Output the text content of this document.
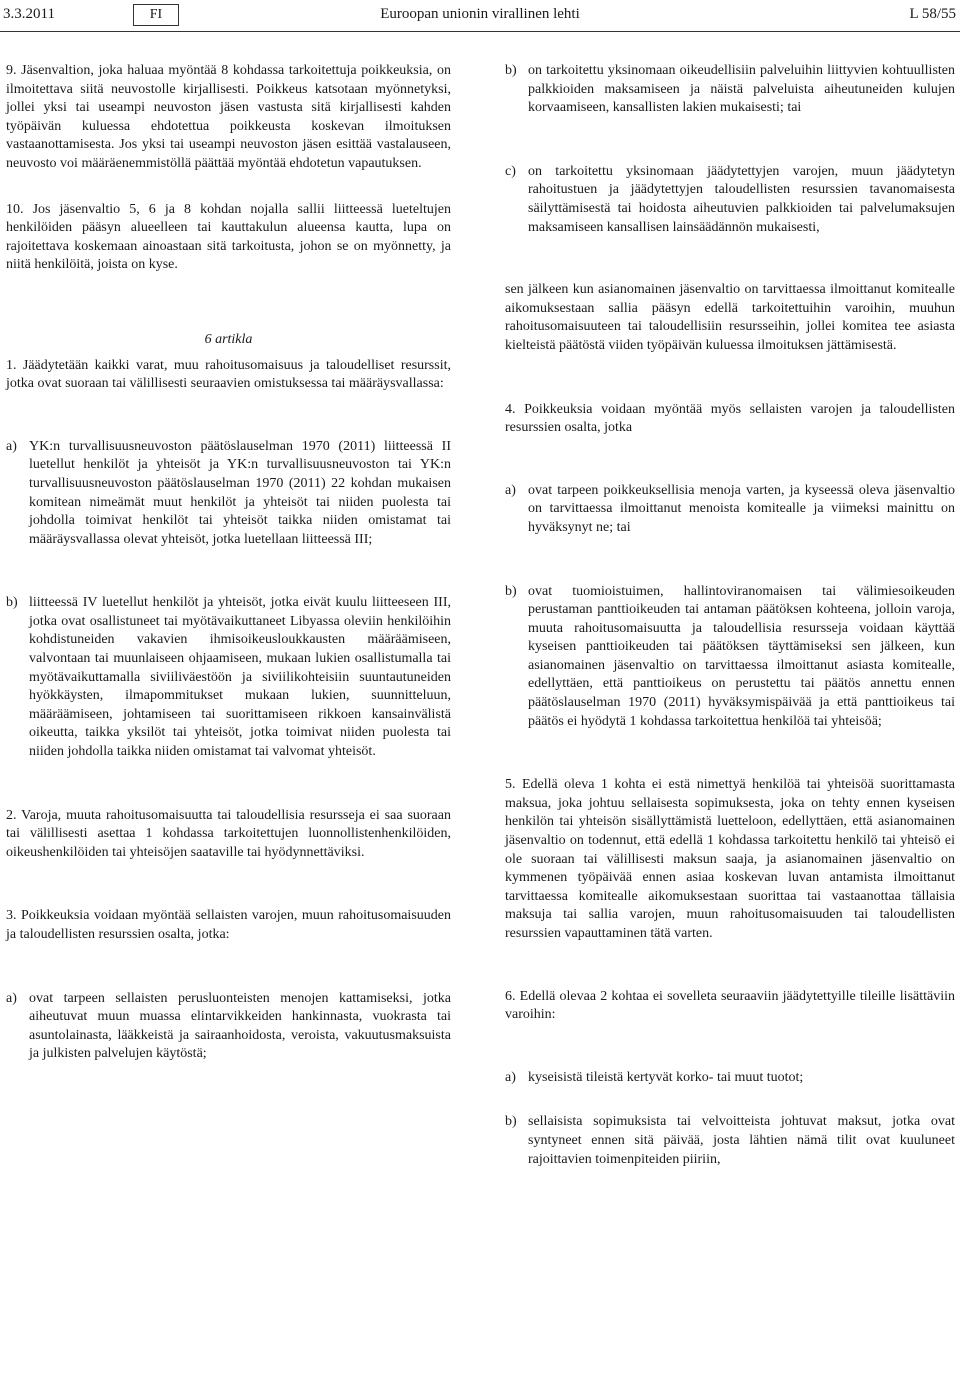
3.3.2011	FI	Euroopan unionin virallinen lehti	L 58/55

9. Jäsenvaltion, joka haluaa myöntää 8 kohdassa tarkoitettuja poikkeuksia, on ilmoitettava siitä neuvostolle kirjallisesti. Poikkeus katsotaan myönnetyksi, jollei yksi tai useampi neuvoston jäsen vastusta sitä kirjallisesti kahden työpäivän kuluessa ehdotettua poikkeusta koskevan ilmoituksen vastaanottamisesta. Jos yksi tai useampi neuvoston jäsen esittää vastalauseen, neuvosto voi määräenemmistöllä päättää myöntää ehdotetun vapautuksen.

10. Jos jäsenvaltio 5, 6 ja 8 kohdan nojalla sallii liitteessä lueteltujen henkilöiden pääsyn alueelleen tai kauttakulun alueensa kautta, lupa on rajoitettava koskemaan ainoastaan sitä tarkoitusta, johon se on myönnetty, ja niitä henkilöitä, joista on kyse.

6 artikla

1. Jäädytetään kaikki varat, muu rahoitusomaisuus ja taloudelliset resurssit, jotka ovat suoraan tai välillisesti seuraavien omistuksessa tai määräysvallassa:

a) YK:n turvallisuusneuvoston päätöslauselman 1970 (2011) liitteessä II luetellut henkilöt ja yhteisöt ja YK:n turvallisuusneuvoston tai YK:n turvallisuusneuvoston päätöslauselman 1970 (2011) 22 kohdan mukaisen komitean nimeämät muut henkilöt ja yhteisöt tai niiden puolesta tai johdolla toimivat henkilöt tai yhteisöt taikka niiden omistamat tai määräysvallassa olevat yhteisöt, jotka luetellaan liitteessä III;

b) liitteessä IV luetellut henkilöt ja yhteisöt, jotka eivät kuulu liitteeseen III, jotka ovat osallistuneet tai myötävaikuttaneet Libyassa oleviin henkilöihin kohdistuneiden vakavien ihmisoikeusloukkausten määräämiseen, valvontaan tai muunlaiseen ohjaamiseen, mukaan lukien osallistumalla tai myötävaikuttamalla siviiliväestöön ja siviilikohteisiin suuntautuneiden hyökkäysten, ilmapommitukset mukaan lukien, suunnitteluun, määräämiseen, johtamiseen tai suorittamiseen rikkoen kansainvälistä oikeutta, taikka yksilöt tai yhteisöt, jotka toimivat niiden puolesta tai niiden johdolla taikka niiden omistamat tai valvomat yhteisöt.

2. Varoja, muuta rahoitusomaisuutta tai taloudellisia resursseja ei saa suoraan tai välillisesti asettaa 1 kohdassa tarkoitettujen luonnollistenhenkilöiden, oikeushenkilöiden tai yhteisöjen saataville tai hyödynnettäviksi.

3. Poikkeuksia voidaan myöntää sellaisten varojen, muun rahoitusomaisuuden ja taloudellisten resurssien osalta, jotka:

a) ovat tarpeen sellaisten perusluonteisten menojen kattamiseksi, jotka aiheutuvat muun muassa elintarvikkeiden hankinnasta, vuokrasta tai asuntolainasta, lääkkeistä ja sairaanhoidosta, veroista, vakuutusmaksuista ja julkisten palvelujen käytöstä;

b) on tarkoitettu yksinomaan oikeudellisiin palveluihin liittyvien kohtuullisten palkkioiden maksamiseen ja näistä palveluista aiheutuneiden kulujen korvaamiseen, kansallisten lakien mukaisesti; tai

c) on tarkoitettu yksinomaan jäädytettyjen varojen, muun jäädytetyn rahoitustuen ja jäädytettyjen taloudellisten resurssien tavanomaisesta säilyttämisestä tai hoidosta aiheutuvien palkkioiden tai palvelumaksujen maksamiseen kansallisen lainsäädännön mukaisesti,

sen jälkeen kun asianomainen jäsenvaltio on tarvittaessa ilmoittanut komitealle aikomuksestaan sallia pääsyn edellä tarkoitettuihin varoihin, muuhun rahoitusomaisuuteen tai taloudellisiin resursseihin, jollei komitea tee asiasta kielteistä päätöstä viiden työpäivän kuluessa ilmoituksen jättämisestä.

4. Poikkeuksia voidaan myöntää myös sellaisten varojen ja taloudellisten resurssien osalta, jotka

a) ovat tarpeen poikkeuksellisia menoja varten, ja kyseessä oleva jäsenvaltio on tarvittaessa ilmoittanut menoista komitealle ja viimeksi mainittu on hyväksynyt ne; tai

b) ovat tuomioistuimen, hallintoviranomaisen tai välimiesoikeuden perustaman panttioikeuden tai antaman päätöksen kohteena, jolloin varoja, muuta rahoitusomaisuutta ja taloudellisia resursseja voidaan käyttää kyseisen panttioikeuden tai päätöksen täyttämiseksi sen jälkeen, kun asianomainen jäsenvaltio on tarvittaessa ilmoittanut asiasta komitealle, edellyttäen, että panttioikeus on perustettu tai päätös annettu ennen päätöslauselman 1970 (2011) hyväksymispäivää ja että panttioikeus tai päätös ei hyödytä 1 kohdassa tarkoitettua henkilöä tai yhteisöä;

5. Edellä oleva 1 kohta ei estä nimettyä henkilöä tai yhteisöä suorittamasta maksua, joka johtuu sellaisesta sopimuksesta, joka on tehty ennen kyseisen henkilön tai yhteisön sisällyttämistä luetteloon, edellyttäen, että asianomainen jäsenvaltio on todennut, että edellä 1 kohdassa tarkoitettu henkilö tai yhteisö ei ole suoraan tai välillisesti maksun saaja, ja asianomainen jäsenvaltio on kymmenen työpäivää ennen asiaa koskevan luvan antamista ilmoittanut tarvittaessa komitealle aikomuksestaan suorittaa tai vastaanottaa tällaisia maksuja tai sallia varojen, muun rahoitusomaisuuden tai taloudellisten resurssien vapauttaminen tätä varten.

6. Edellä olevaa 2 kohtaa ei sovelleta seuraaviin jäädytettyille tileille lisättäviin varoihin:

a) kyseisistä tileistä kertyvät korko- tai muut tuotot;

b) sellaisista sopimuksista tai velvoitteista johtuvat maksut, jotka ovat syntyneet ennen sitä päivää, josta lähtien nämä tilit ovat kuuluneet rajoittavien toimenpiteiden piiriin,
